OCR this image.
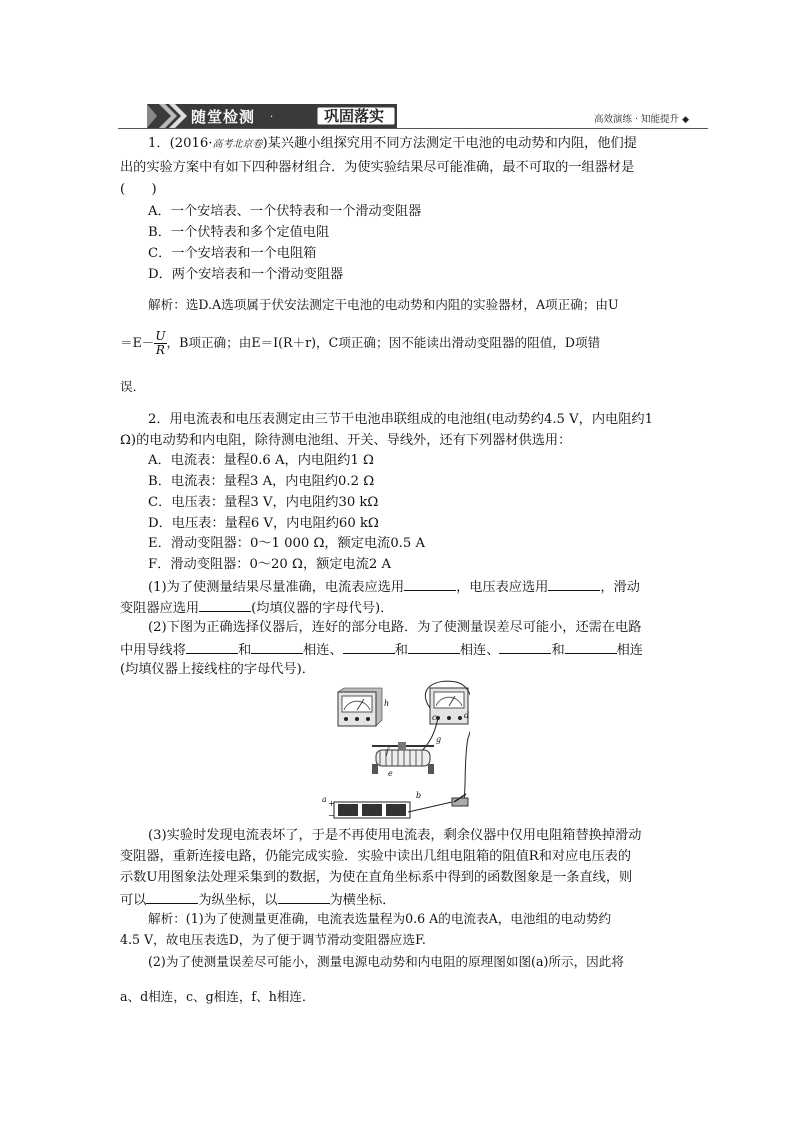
随堂检测 ·	巩固落实	高效演练 · 知能提升 ◆
1．(2016·高考北京卷)某兴趣小组探究用不同方法测定干电池的电动势和内阻，他们提
出的实验方案中有如下四种器材组合．为使实验结果尽可能准确，最不可取的一组器材是
(　　)
A．一个安培表、一个伏特表和一个滑动变阻器
B．一个伏特表和多个定值电阻
C．一个安培表和一个电阻箱
D．两个安培表和一个滑动变阻器
解析：选D.A选项属于伏安法测定干电池的电动势和内阻的实验器材，A项正确；由U
$=E- \frac{U}{R}$ ，B项正确；由E＝I(R＋r)，C项正确；因不能读出滑动变阻器的阻值，D项错
误．
2．用电流表和电压表测定由三节干电池串联组成的电池组(电动势约4.5 V，内电阻约1
Ω)的电动势和内电阻，除待测电池组、开关、导线外，还有下列器材供选用：
A．电流表：量程0.6 A，内电阻约1 Ω
B．电流表：量程3 A，内电阻约0.2 Ω
C．电压表：量程3 V，内电阻约30 kΩ
D．电压表：量程6 V，内电阻约60 kΩ
E．滑动变阻器：0～1 000 Ω，额定电流0.5 A
F．滑动变阻器：0～20 Ω，额定电流2 A
(1)为了使测量结果尽量准确，电流表应选用	，电压表应选用	，滑动
变阻器应选用	(均填仪器的字母代号)．
(2)下图为正确选择仪器后，连好的部分电路．为了使测量误差尽可能小，还需在电路
中用导线将	和	相连、	和	相连、	和	相连
(均填仪器上接线柱的字母代号)．
h
c	d
g
f
e
a	b
+
−
(3)实验时发现电流表坏了，于是不再使用电流表，剩余仪器中仅用电阻箱替换掉滑动
变阻器，重新连接电路，仍能完成实验．实验中读出几组电阻箱的阻值R和对应电压表的
示数U用图象法处理采集到的数据，为使在直角坐标系中得到的函数图象是一条直线，则
可以	为纵坐标，以	为横坐标．
解析：(1)为了使测量更准确，电流表选量程为0.6 A的电流表A，电池组的电动势约
4.5 V，故电压表选D，为了便于调节滑动变阻器应选F.
(2)为了使测量误差尽可能小，测量电源电动势和内电阻的原理图如图(a)所示，因此将
a、d相连，c、g相连，f、h相连．
